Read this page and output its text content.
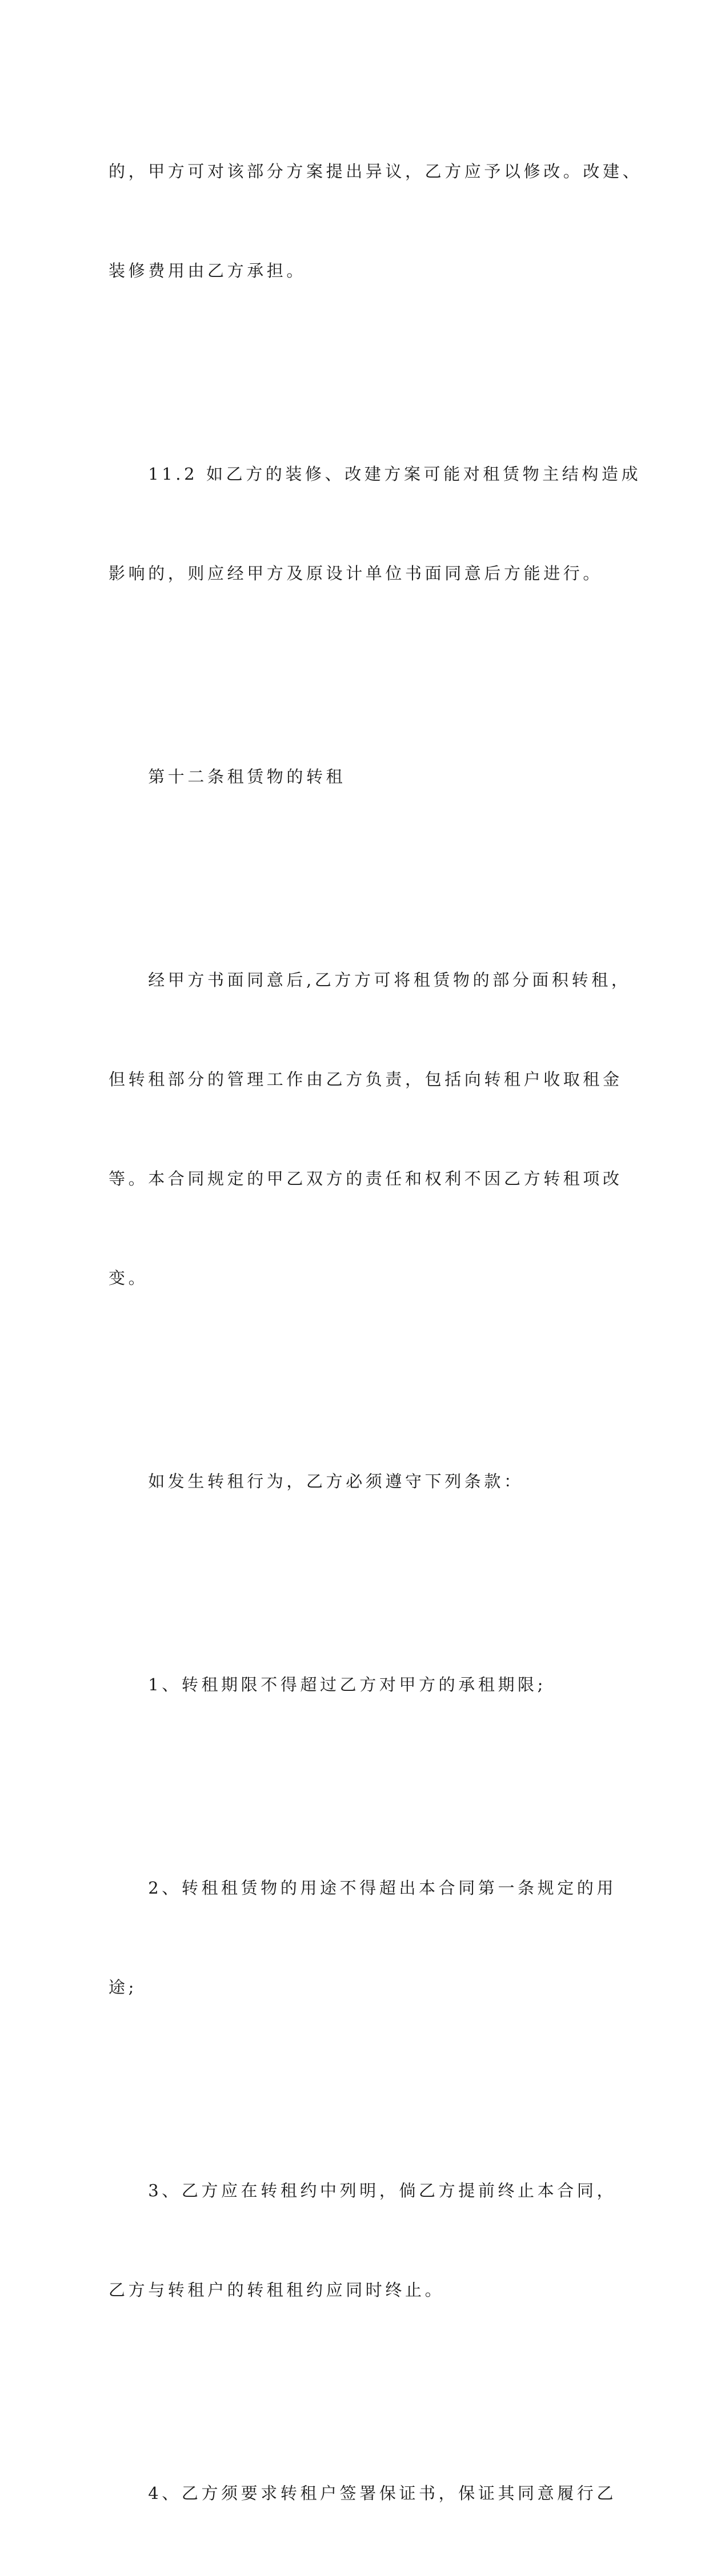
的，甲方可对该部分方案提出异议，乙方应予以修改。改建、

装修费用由乙方承担。

　　11.2 如乙方的装修、改建方案可能对租赁物主结构造成

影响的，则应经甲方及原设计单位书面同意后方能进行。

　　第十二条租赁物的转租

　　经甲方书面同意后,乙方方可将租赁物的部分面积转租，

但转租部分的管理工作由乙方负责，包括向转租户收取租金

等。本合同规定的甲乙双方的责任和权利不因乙方转租项改

变。

　　如发生转租行为，乙方必须遵守下列条款：

　　1、转租期限不得超过乙方对甲方的承租期限;

　　2、转租租赁物的用途不得超出本合同第一条规定的用

途;

　　3、乙方应在转租约中列明，倘乙方提前终止本合同，

乙方与转租户的转租租约应同时终止。

　　4、乙方须要求转租户签署保证书，保证其同意履行乙
